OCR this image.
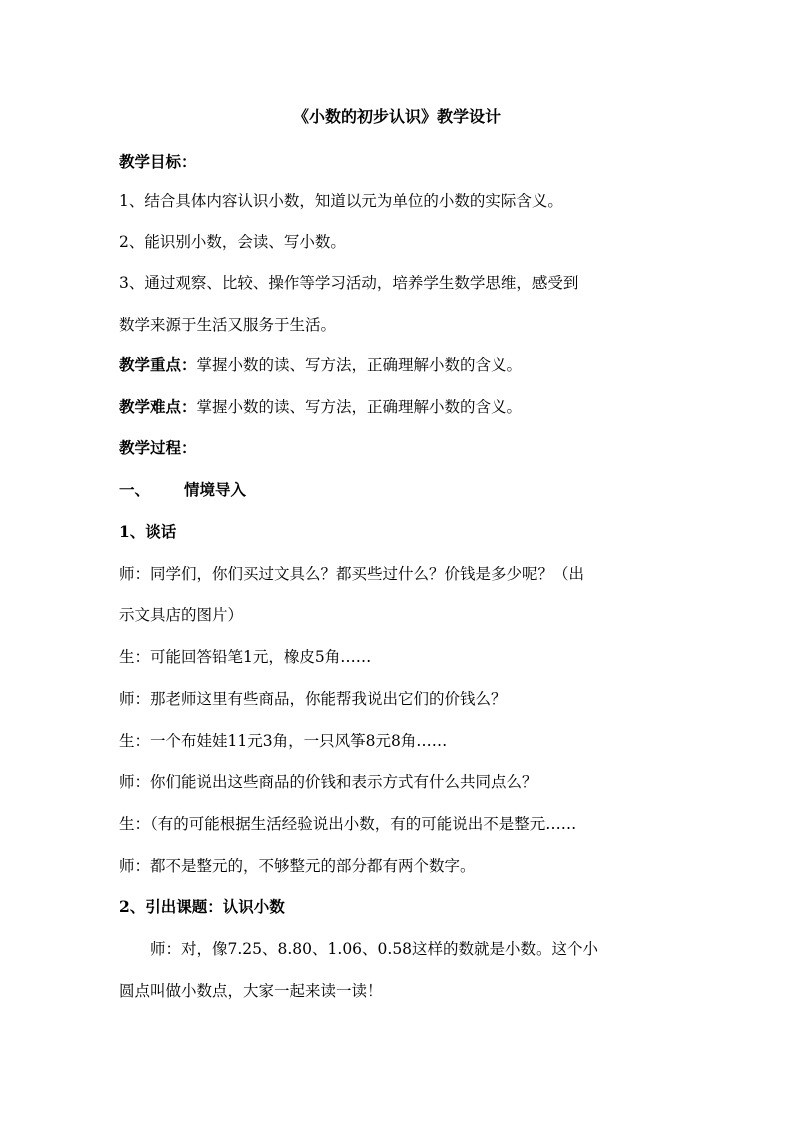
《小数的初步认识》教学设计
教学目标：
1、结合具体内容认识小数，知道以元为单位的小数的实际含义。
2、能识别小数，会读、写小数。
3、通过观察、比较、操作等学习活动，培养学生数学思维，感受到
数学来源于生活又服务于生活。
教学重点：掌握小数的读、写方法，正确理解小数的含义。
教学难点：掌握小数的读、写方法，正确理解小数的含义。
教学过程：
一、 情境导入
1、谈话
师：同学们，你们买过文具么？都买些过什么？价钱是多少呢？（出
示文具店的图片）
生：可能回答铅笔1元，橡皮5角……
师：那老师这里有些商品，你能帮我说出它们的价钱么？
生：一个布娃娃11元3角，一只风筝8元8角……
师：你们能说出这些商品的价钱和表示方式有什么共同点么？
生：（有的可能根据生活经验说出小数，有的可能说出不是整元……
师：都不是整元的，不够整元的部分都有两个数字。
2、引出课题：认识小数
师：对，像7.25、8.80、1.06、0.58这样的数就是小数。这个小
圆点叫做小数点，大家一起来读一读！
